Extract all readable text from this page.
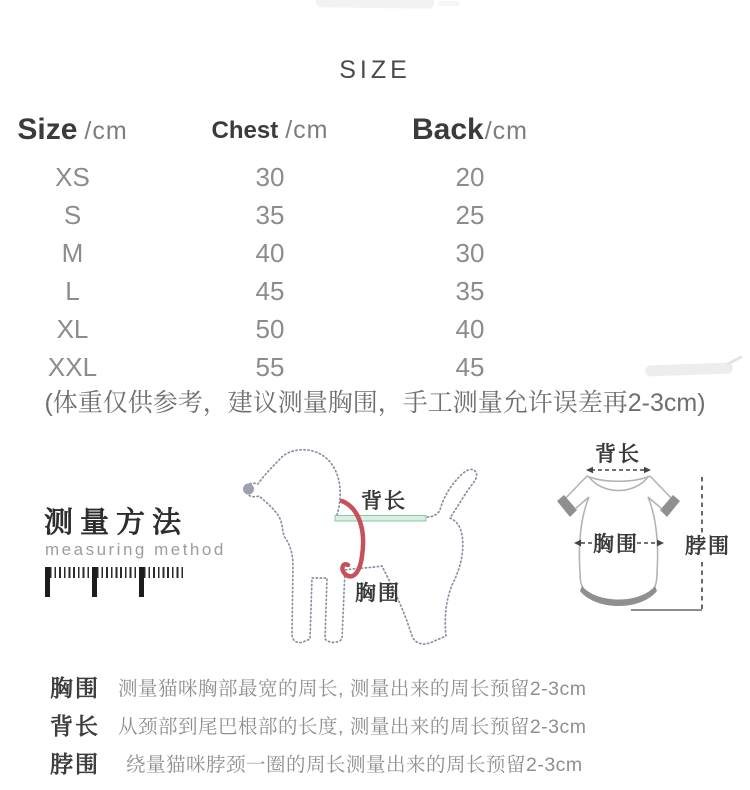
SIZE
Size /cm	Chest /cm	Back/cm
XS	30	20
S	35	25
M	40	30
L	45	35
XL	50	40
XXL	55	45
(体重仅供参考，建议测量胸围，手工测量允许误差再2-3cm)
测量方法
measuring method
背长
胸围
背长
胸围 脖围
胸围 测量猫咪胸部最宽的周长, 测量出来的周长预留2-3cm
背长 从颈部到尾巴根部的长度, 测量出来的周长预留2-3cm
脖围 绕量猫咪脖颈一圈的周长测量出来的周长预留2-3cm
